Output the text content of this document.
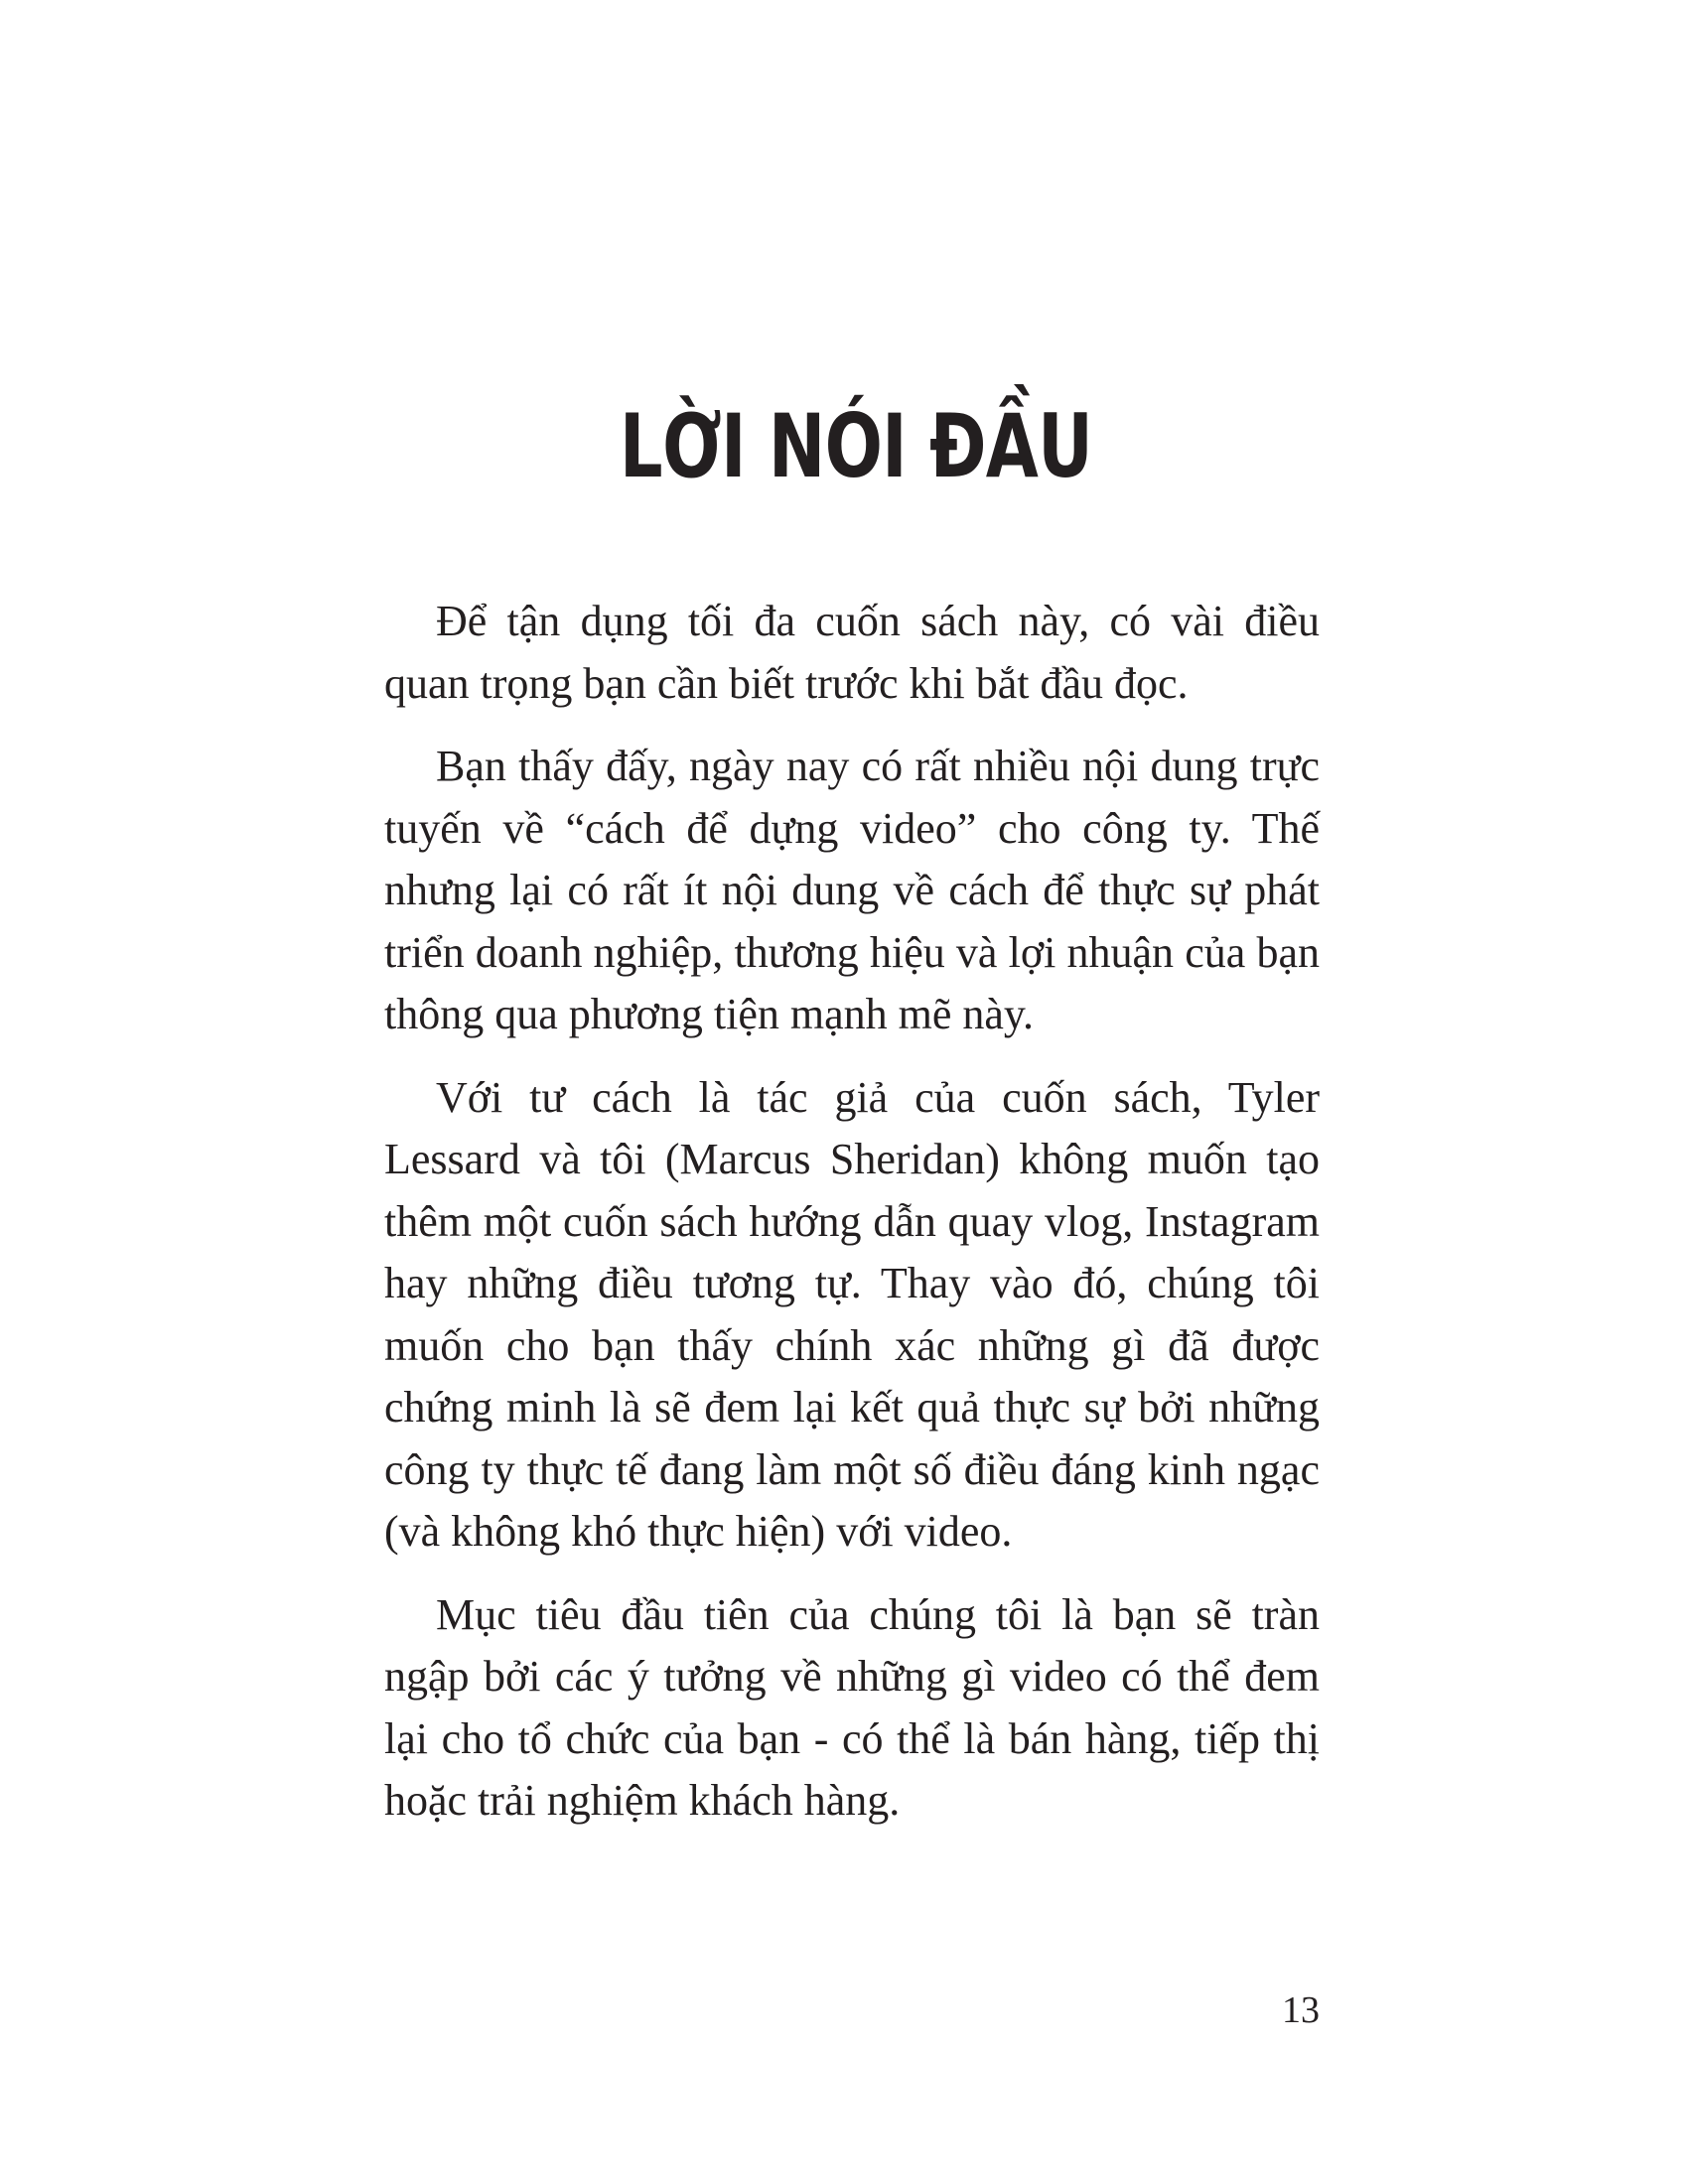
LỜI NÓI ĐẦU

Để tận dụng tối đa cuốn sách này, có vài điều quan trọng bạn cần biết trước khi bắt đầu đọc.

Bạn thấy đấy, ngày nay có rất nhiều nội dung trực tuyến về “cách để dựng video” cho công ty. Thế nhưng lại có rất ít nội dung về cách để thực sự phát triển doanh nghiệp, thương hiệu và lợi nhuận của bạn thông qua phương tiện mạnh mẽ này.

Với tư cách là tác giả của cuốn sách, Tyler Lessard và tôi (Marcus Sheridan) không muốn tạo thêm một cuốn sách hướng dẫn quay vlog, Instagram hay những điều tương tự. Thay vào đó, chúng tôi muốn cho bạn thấy chính xác những gì đã được chứng minh là sẽ đem lại kết quả thực sự bởi những công ty thực tế đang làm một số điều đáng kinh ngạc (và không khó thực hiện) với video.

Mục tiêu đầu tiên của chúng tôi là bạn sẽ tràn ngập bởi các ý tưởng về những gì video có thể đem lại cho tổ chức của bạn - có thể là bán hàng, tiếp thị hoặc trải nghiệm khách hàng.

13
